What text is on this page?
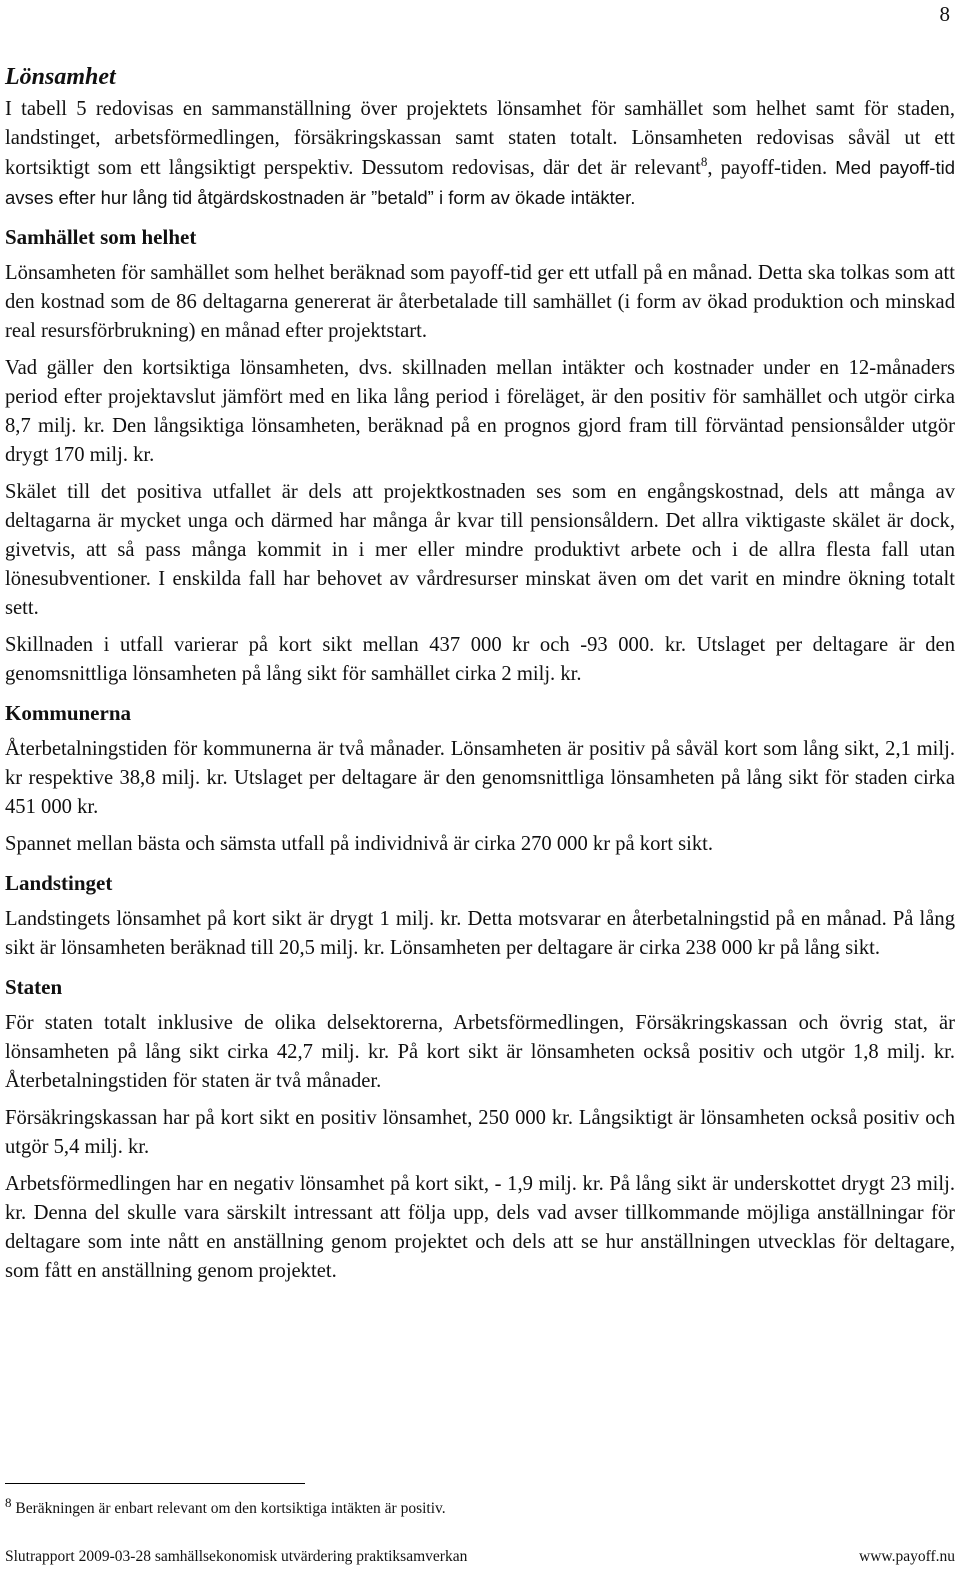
8
Lönsamhet

I tabell 5 redovisas en sammanställning över projektets lönsamhet för samhället som helhet samt för staden, landstinget, arbetsförmedlingen, försäkringskassan samt staten totalt. Lönsamheten redovisas såväl ut ett kortsiktigt som ett långsiktigt perspektiv. Dessutom redovisas, där det är relevant$^8$, payoff-tiden. Med payoff-tid avses efter hur lång tid åtgärdskostnaden är ”betald” i form av ökade intäkter.

Samhället som helhet

Lönsamheten för samhället som helhet beräknad som payoff-tid ger ett utfall på en månad. Detta ska tolkas som att den kostnad som de 86 deltagarna genererat är återbetalade till samhället (i form av ökad produktion och minskad real resursförbrukning) en månad efter projektstart.

Vad gäller den kortsiktiga lönsamheten, dvs. skillnaden mellan intäkter och kostnader under en 12-månaders period efter projektavslut jämfört med en lika lång period i föreläget, är den positiv för samhället och utgör cirka 8,7 milj. kr. Den långsiktiga lönsamheten, beräknad på en prognos gjord fram till förväntad pensionsålder utgör drygt 170 milj. kr.

Skälet till det positiva utfallet är dels att projektkostnaden ses som en engångskostnad, dels att många av deltagarna är mycket unga och därmed har många år kvar till pensionsåldern. Det allra viktigaste skälet är dock, givetvis, att så pass många kommit in i mer eller mindre produktivt arbete och i de allra flesta fall utan lönesubventioner. I enskilda fall har behovet av vårdresurser minskat även om det varit en mindre ökning totalt sett.

Skillnaden i utfall varierar på kort sikt mellan 437 000 kr och -93 000. kr. Utslaget per deltagare är den genomsnittliga lönsamheten på lång sikt för samhället cirka 2 milj. kr.

Kommunerna

Återbetalningstiden för kommunerna är två månader. Lönsamheten är positiv på såväl kort som lång sikt, 2,1 milj. kr respektive 38,8 milj. kr. Utslaget per deltagare är den genomsnittliga lönsamheten på lång sikt för staden cirka 451 000 kr.

Spannet mellan bästa och sämsta utfall på individnivå är cirka 270 000 kr på kort sikt.

Landstinget

Landstingets lönsamhet på kort sikt är drygt 1 milj. kr. Detta motsvarar en återbetalningstid på en månad. På lång sikt är lönsamheten beräknad till 20,5 milj. kr. Lönsamheten per deltagare är cirka 238 000 kr på lång sikt.

Staten

För staten totalt inklusive de olika delsektorerna, Arbetsförmedlingen, Försäkringskassan och övrig stat, är lönsamheten på lång sikt cirka 42,7 milj. kr. På kort sikt är lönsamheten också positiv och utgör 1,8 milj. kr. Återbetalningstiden för staten är två månader.

Försäkringskassan har på kort sikt en positiv lönsamhet, 250 000 kr. Långsiktigt är lönsamheten också positiv och utgör 5,4 milj. kr.

Arbetsförmedlingen har en negativ lönsamhet på kort sikt, - 1,9 milj. kr. På lång sikt är underskottet drygt 23 milj. kr. Denna del skulle vara särskilt intressant att följa upp, dels vad avser tillkommande möjliga anställningar för deltagare som inte nått en anställning genom projektet och dels att se hur anställningen utvecklas för deltagare, som fått en anställning genom projektet.

$^8$ Beräkningen är enbart relevant om den kortsiktiga intäkten är positiv.
Slutrapport 2009-03-28 samhällsekonomisk utvärdering praktiksamverkan	www.payoff.nu
